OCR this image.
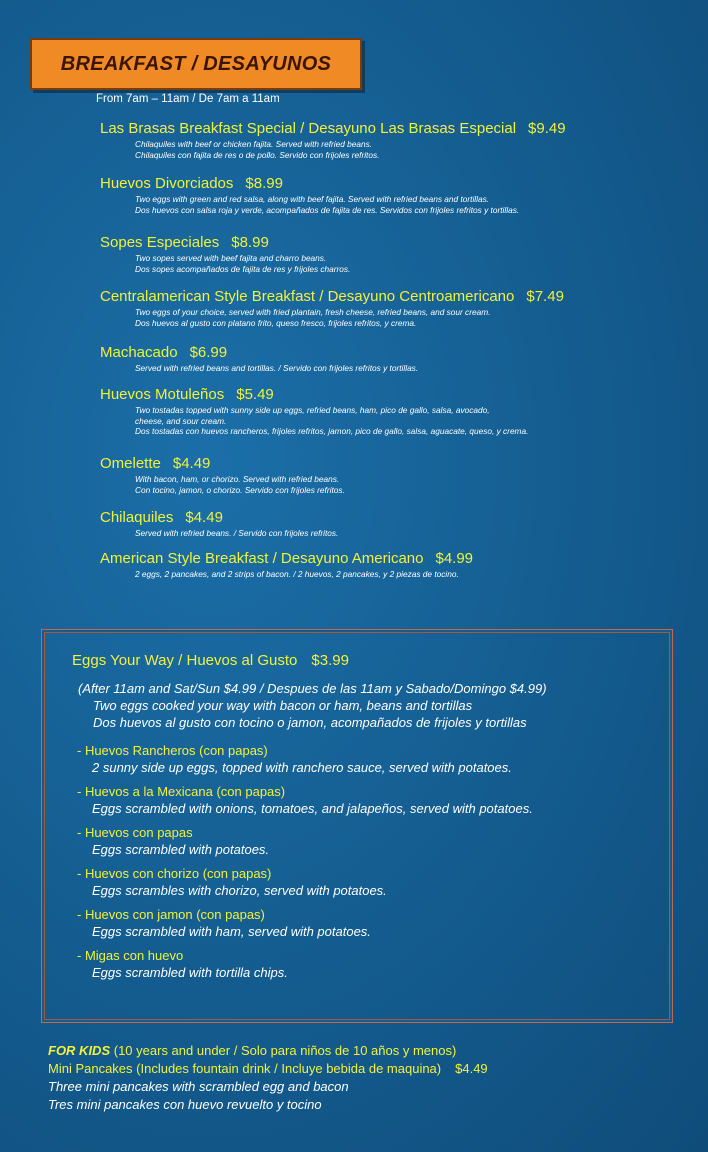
BREAKFAST / DESAYUNOS
From 7am – 11am / De 7am a 11am
Las Brasas Breakfast Special / Desayuno Las Brasas Especial $9.49
Chilaquiles with beef or chicken fajita. Served with refried beans.
Chilaquiles con fajita de res o de pollo. Servido con frijoles refritos.
Huevos Divorciados $8.99
Two eggs with green and red salsa, along with beef fajita. Served with refried beans and tortillas.
Dos huevos con salsa roja y verde, acompañados de fajita de res. Servidos con frijoles refritos y tortillas.
Sopes Especiales $8.99
Two sopes served with beef fajita and charro beans.
Dos sopes acompañados de fajita de res y frijoles charros.
Centralamerican Style Breakfast / Desayuno Centroamericano $7.49
Two eggs of your choice, served with fried plantain, fresh cheese, refried beans, and sour cream.
Dos huevos al gusto con platano frito, queso fresco, frijoles refritos, y crema.
Machacado $6.99
Served with refried beans and tortillas. / Servido con frijoles refritos y tortillas.
Huevos Motuleños $5.49
Two tostadas topped with sunny side up eggs, refried beans, ham, pico de gallo, salsa, avocado,
cheese, and sour cream.
Dos tostadas con huevos rancheros, frijoles refritos, jamon, pico de gallo, salsa, aguacate, queso, y crema.
Omelette $4.49
With bacon, ham, or chorizo. Served with refried beans.
Con tocino, jamon, o chorizo. Servido con frijoles refritos.
Chilaquiles $4.49
Served with refried beans. / Servido con frijoles refritos.
American Style Breakfast / Desayuno Americano $4.99
2 eggs, 2 pancakes, and 2 strips of bacon. / 2 huevos, 2 pancakes, y 2 piezas de tocino.
Eggs Your Way / Huevos al Gusto $3.99
(After 11am and Sat/Sun $4.99 / Despues de las 11am y Sabado/Domingo $4.99)
Two eggs cooked your way with bacon or ham, beans and tortillas
Dos huevos al gusto con tocino o jamon, acompañados de frijoles y tortillas
- Huevos Rancheros (con papas)
2 sunny side up eggs, topped with ranchero sauce, served with potatoes.
- Huevos a la Mexicana (con papas)
Eggs scrambled with onions, tomatoes, and jalapeños, served with potatoes.
- Huevos con papas
Eggs scrambled with potatoes.
- Huevos con chorizo (con papas)
Eggs scrambles with chorizo, served with potatoes.
- Huevos con jamon (con papas)
Eggs scrambled with ham, served with potatoes.
- Migas con huevo
Eggs scrambled with tortilla chips.
FOR KIDS (10 years and under / Solo para niños de 10 años y menos)
Mini Pancakes (Includes fountain drink / Incluye bebida de maquina) $4.49
Three mini pancakes with scrambled egg and bacon
Tres mini pancakes con huevo revuelto y tocino
